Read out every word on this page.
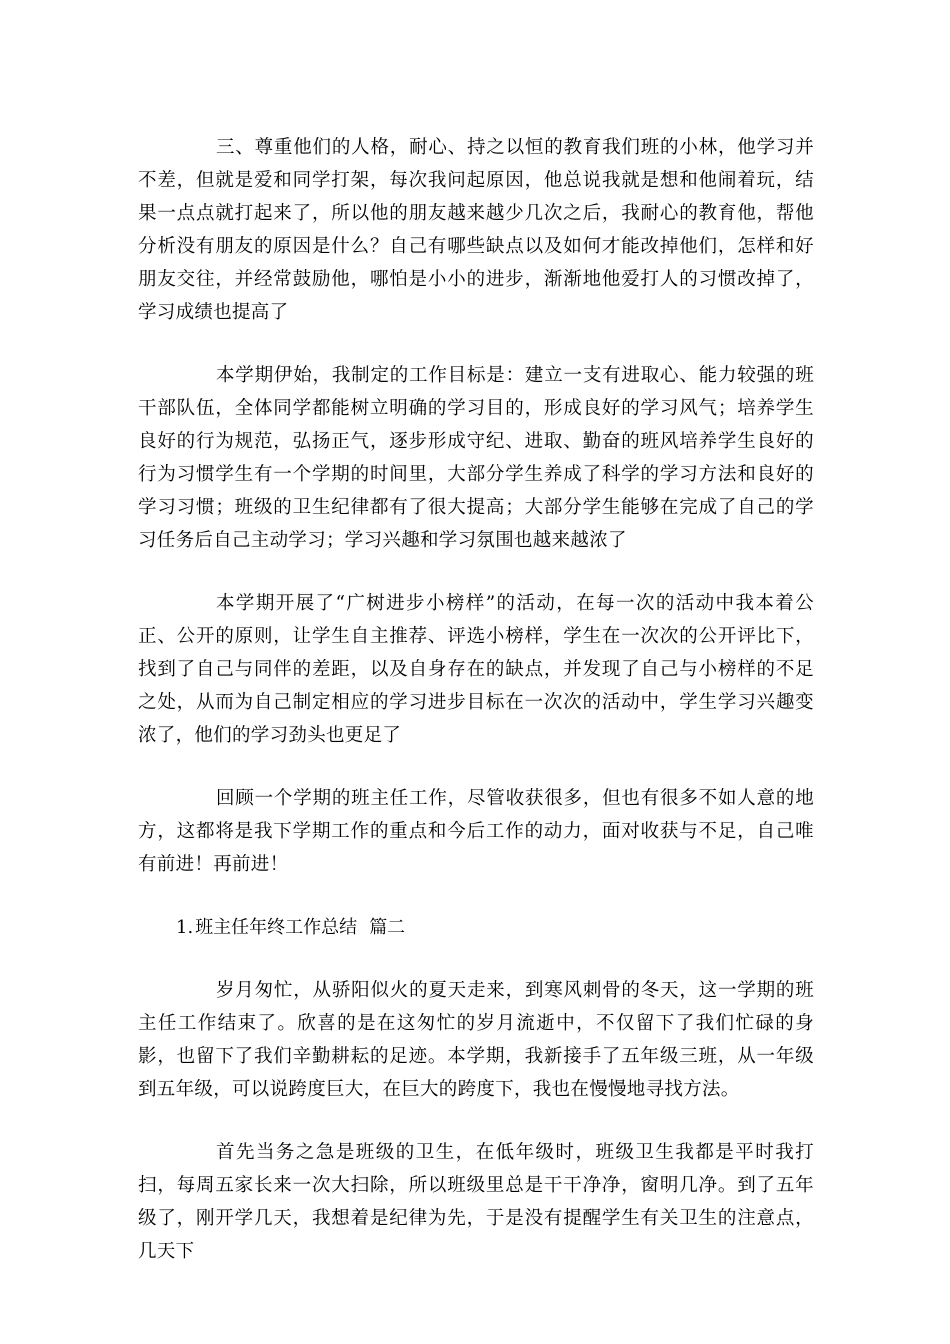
三、尊重他们的人格，耐心、持之以恒的教育我们班的小林，他学习并不差，但就是爱和同学打架，每次我问起原因，他总说我就是想和他闹着玩，结果一点点就打起来了，所以他的朋友越来越少几次之后，我耐心的教育他，帮他分析没有朋友的原因是什么？自己有哪些缺点以及如何才能改掉他们，怎样和好朋友交往，并经常鼓励他，哪怕是小小的进步，渐渐地他爱打人的习惯改掉了，学习成绩也提高了

本学期伊始，我制定的工作目标是：建立一支有进取心、能力较强的班干部队伍，全体同学都能树立明确的学习目的，形成良好的学习风气；培养学生良好的行为规范，弘扬正气，逐步形成守纪、进取、勤奋的班风培养学生良好的行为习惯学生有一个学期的时间里，大部分学生养成了科学的学习方法和良好的学习习惯；班级的卫生纪律都有了很大提高；大部分学生能够在完成了自己的学习任务后自己主动学习；学习兴趣和学习氛围也越来越浓了

本学期开展了“广树进步小榜样”的活动，在每一次的活动中我本着公正、公开的原则，让学生自主推荐、评选小榜样，学生在一次次的公开评比下，找到了自己与同伴的差距，以及自身存在的缺点，并发现了自己与小榜样的不足之处，从而为自己制定相应的学习进步目标在一次次的活动中，学生学习兴趣变浓了，他们的学习劲头也更足了

回顾一个学期的班主任工作，尽管收获很多，但也有很多不如人意的地方，这都将是我下学期工作的重点和今后工作的动力，面对收获与不足，自己唯有前进！再前进！

1. 班主任年终工作总结 篇二

岁月匆忙，从骄阳似火的夏天走来，到寒风刺骨的冬天，这一学期的班主任工作结束了。欣喜的是在这匆忙的岁月流逝中，不仅留下了我们忙碌的身影，也留下了我们辛勤耕耘的足迹。本学期，我新接手了五年级三班，从一年级到五年级，可以说跨度巨大，在巨大的跨度下，我也在慢慢地寻找方法。

首先当务之急是班级的卫生，在低年级时，班级卫生我都是平时我打扫，每周五家长来一次大扫除，所以班级里总是干干净净，窗明几净。到了五年级了，刚开学几天，我想着是纪律为先，于是没有提醒学生有关卫生的注意点，几天下
